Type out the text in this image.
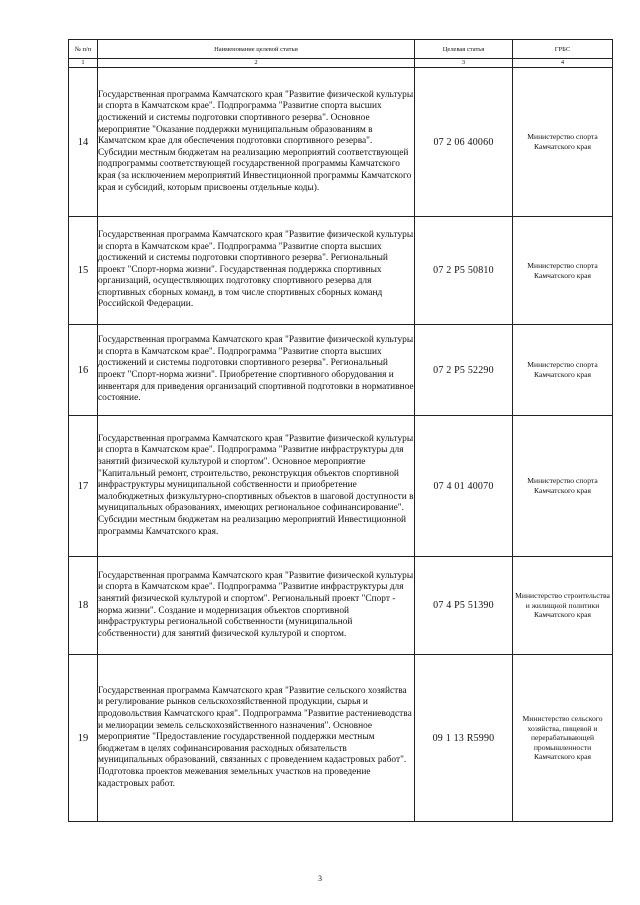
№ п/п	Наименование целевой статьи	Целевая статья	ГРБС
1	2	3	4
14	Государственная программа Камчатского края "Развитие физической культуры и спорта в Камчатском крае". Подпрограмма "Развитие спорта высших достижений и системы подготовки спортивного резерва". Основное мероприятие "Оказание поддержки муниципальным образованиям в Камчатском крае для обеспечения подготовки спортивного резерва". Субсидии местным бюджетам на реализацию мероприятий соответствующей подпрограммы соответствующей государственной программы Камчатского края (за исключением мероприятий Инвестиционной программы Камчатского края и субсидий, которым присвоены отдельные коды).	07 2 06 40060	Министерство спорта Камчатского края
15	Государственная программа Камчатского края "Развитие физической культуры и спорта в Камчатском крае". Подпрограмма "Развитие спорта высших достижений и системы подготовки спортивного резерва". Региональный проект "Спорт-норма жизни". Государственная поддержка спортивных организаций, осуществляющих подготовку спортивного резерва для спортивных сборных команд, в том числе спортивных сборных команд Российской Федерации.	07 2 P5 50810	Министерство спорта Камчатского края
16	Государственная программа Камчатского края "Развитие физической культуры и спорта в Камчатском крае". Подпрограмма "Развитие спорта высших достижений и системы подготовки спортивного резерва". Региональный проект "Спорт-норма жизни". Приобретение спортивного оборудования и инвентаря для приведения организаций спортивной подготовки в нормативное состояние.	07 2 P5 52290	Министерство спорта Камчатского края
17	Государственная программа Камчатского края "Развитие физической культуры и спорта в Камчатском крае". Подпрограмма "Развитие инфраструктуры для занятий физической культурой и спортом". Основное мероприятие "Капитальный ремонт, строительство, реконструкция объектов спортивной инфраструктуры муниципальной собственности и приобретение малобюджетных физкультурно-спортивных объектов в шаговой доступности в муниципальных образованиях, имеющих региональное софинансирование". Субсидии местным бюджетам на реализацию мероприятий Инвестиционной программы Камчатского края.	07 4 01 40070	Министерство спорта Камчатского края
18	Государственная программа Камчатского края "Развитие физической культуры и спорта в Камчатском крае". Подпрограмма "Развитие инфраструктуры для занятий физической культурой и спортом". Региональный проект "Спорт - норма жизни". Создание и модернизация объектов спортивной инфраструктуры региональной собственности (муниципальной собственности) для занятий физической культурой и спортом.	07 4 P5 51390	Министерство строительства и жилищной политики Камчатского края
19	Государственная программа Камчатского края "Развитие сельского хозяйства и регулирование рынков сельскохозяйственной продукции, сырья и продовольствия Камчатского края". Подпрограмма "Развитие растениеводства и мелиорации земель сельскохозяйственного назначения". Основное мероприятие "Предоставление государственной поддержки местным бюджетам в целях софинансирования расходных обязательств муниципальных образований, связанных с проведением кадастровых работ". Подготовка проектов межевания земельных участков на проведение кадастровых работ.	09 1 13 R5990	Министерство сельского хозяйства, пищевой и перерабатывающей промышленности Камчатского края
3
